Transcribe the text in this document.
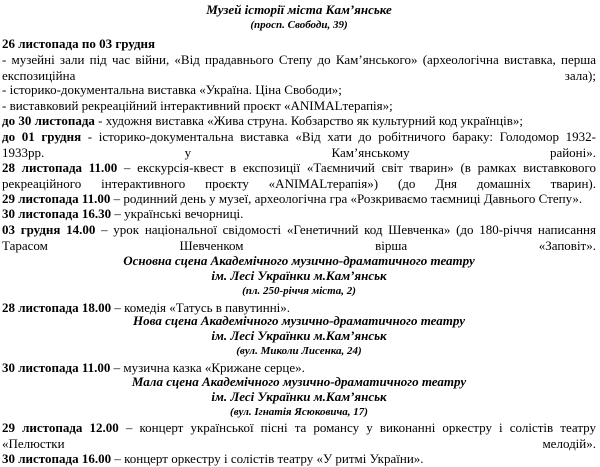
Музей історії міста Кам’янське

(просп. Свободи, 39)

26 листопада по 03 грудня

- музейні зали під час війни, «Від прадавнього Степу до Кам’янського» (археологічна виставка, перша експозиційна зала);

- історико-документальна виставка «Україна. Ціна Свободи»;

- виставковий рекреаційний інтерактивний проєкт «ANIMALтерапія»;

до 30 листопада - художня виставка «Жива струна. Кобзарство як культурний код українців»;

до 01 грудня - історико-документальна виставка «Від хати до робітничого бараку: Голодомор 1932-1933рр. у Кам’янському районі».

28 листопада 11.00 – екскурсія-квест в експозиції «Таємничий світ тварин» (в рамках виставкового рекреаційного інтерактивного проєкту «ANIMALтерапія») (до Дня домашніх тварин).

29 листопада 11.00 – родинний день у музеї, археологічна гра «Розкриваємо таємниці Давнього Степу».

30 листопада 16.30 – українські вечорниці.

03 грудня 14.00 – урок національної свідомості «Генетичний код Шевченка» (до 180-річчя написання Тарасом Шевченком вірша «Заповіт».

Основна сцена Академічного музично-драматичного театру

ім. Лесі Українки м.Кам’янськ

(пл. 250-річчя міста, 2)

28 листопада 18.00 – комедія «Татусь в павутинні».

Нова сцена Академічного музично-драматичного театру

ім. Лесі Українки м.Кам’янськ

(вул. Миколи Лисенка, 24)

30 листопада 11.00 – музична казка «Крижане серце».

Мала сцена Академічного музично-драматичного театру

ім. Лесі Українки м.Кам’янськ

(вул. Ігнатія Ясюковича, 17)

29 листопада 12.00 – концерт української пісні та романсу у виконанні оркестру і солістів театру «Пелюстки мелодій».

30 листопада 16.00 – концерт оркестру і солістів театру «У ритмі України».
